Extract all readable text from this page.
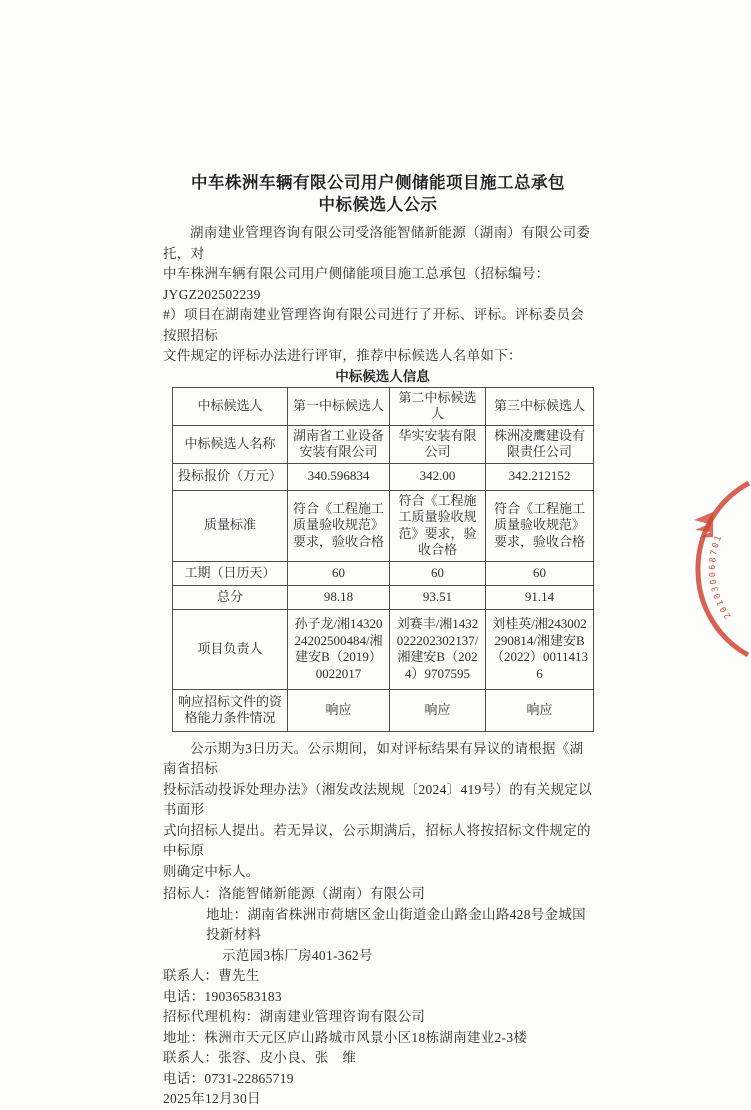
中车株洲车辆有限公司用户侧储能项目施工总承包
中标候选人公示
湖南建业管理咨询有限公司受洛能智储新能源（湖南）有限公司委托，对
中车株洲车辆有限公司用户侧储能项目施工总承包（招标编号：JYGZ202502239
#）项目在湖南建业管理咨询有限公司进行了开标、评标。评标委员会按照招标
文件规定的评标办法进行评审，推荐中标候选人名单如下：
中标候选人信息
中标候选人	第一中标候选人	第二中标候选人	第三中标候选人
中标候选人名称	湖南省工业设备安装有限公司	华实安装有限公司	株洲凌鹰建设有限责任公司
投标报价（万元）	340.596834	342.00	342.212152
质量标准	符合《工程施工质量验收规范》要求，验收合格	符合《工程施工质量验收规范》要求，验收合格	符合《工程施工质量验收规范》要求，验收合格
工期（日历天）	60	60	60
总分	98.18	93.51	91.14
项目负责人	孙子龙/湘1432024202500484/湘建安B（2019）0022017	刘赛丰/湘1432022202302137/湘建安B（2024）9707595	刘桂英/湘243002290814/湘建安B（2022）00114136
响应招标文件的资格能力条件情况	响应	响应	响应
公示期为3日历天。公示期间，如对评标结果有异议的请根据《湖南省招标
投标活动投诉处理办法》（湘发改法规规〔2024〕419号）的有关规定以书面形
式向招标人提出。若无异议，公示期满后，招标人将按招标文件规定的中标原
则确定中标人。
招标人：洛能智储新能源（湖南）有限公司
地址：湖南省株洲市荷塘区金山街道金山路金山路428号金城国投新材料
示范园3栋厂房401-362号
联系人：曹先生
电话：19036583183
招标代理机构：湖南建业管理咨询有限公司
地址：株洲市天元区庐山路城市风景小区18栋湖南建业2-3楼
联系人：张容、皮小良、张　维
电话：0731-22865719
2025年12月30日
201030068701
